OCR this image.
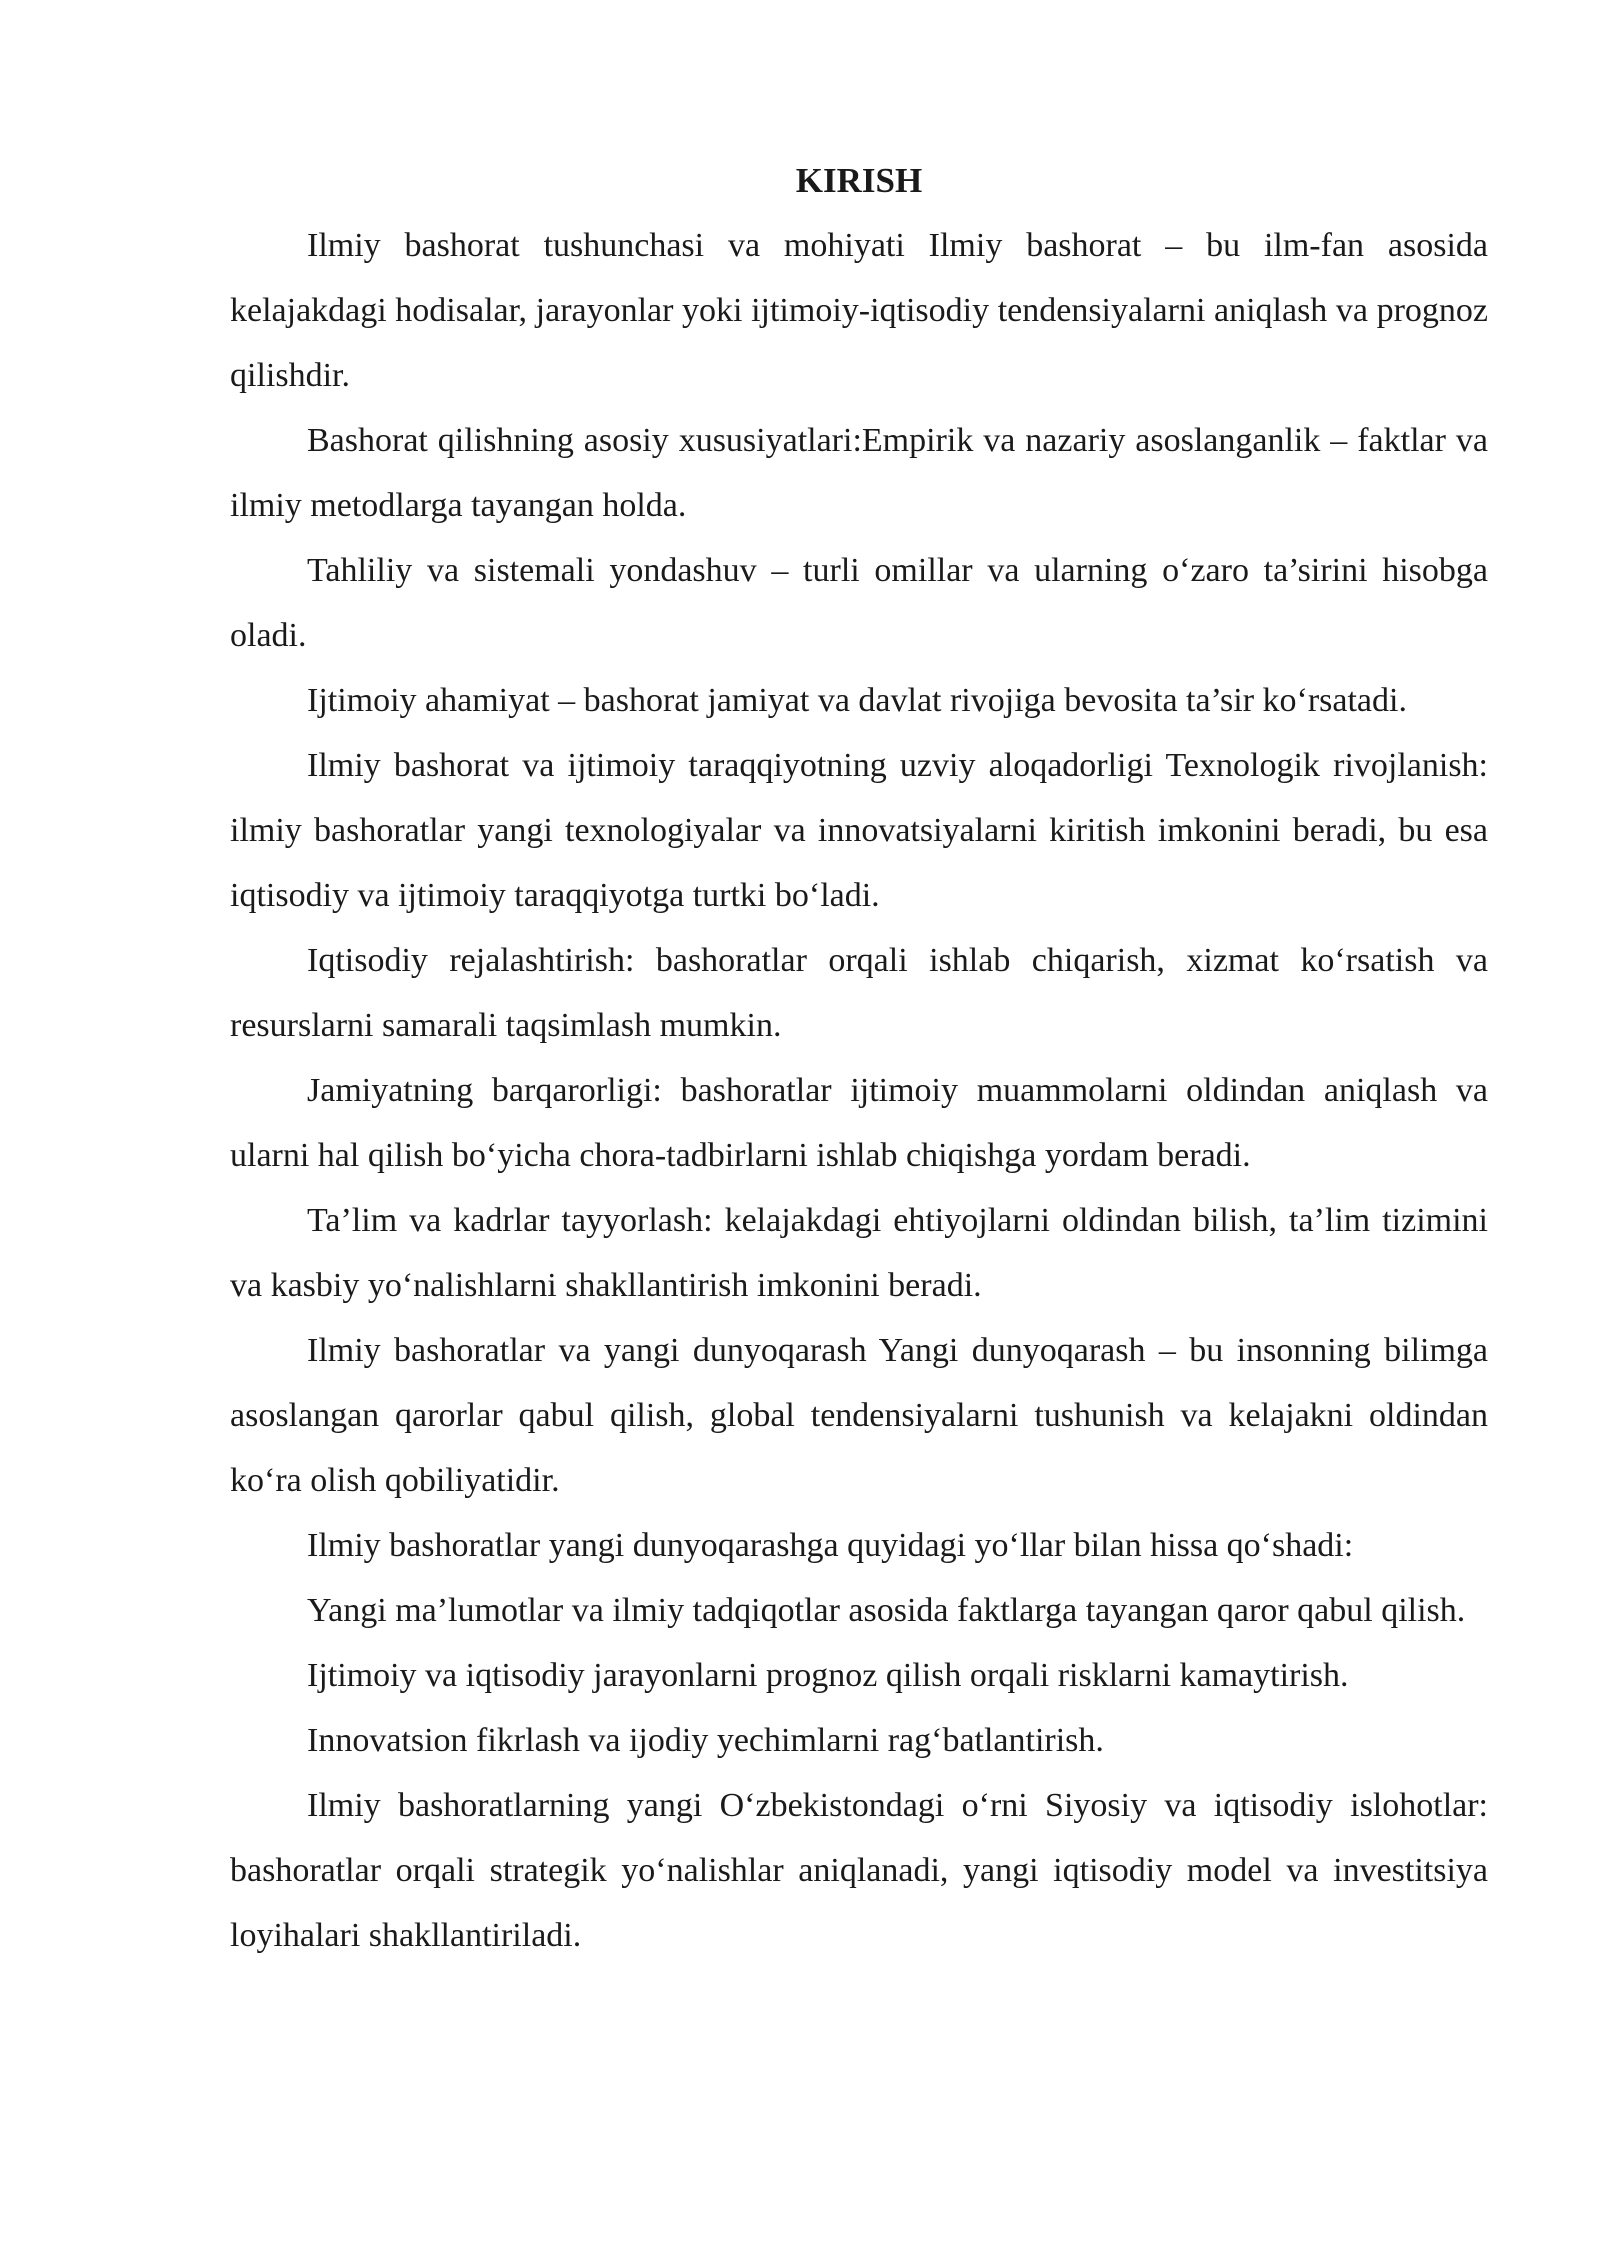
KIRISH

Ilmiy bashorat tushunchasi va mohiyati Ilmiy bashorat – bu ilm-fan asosida kelajakdagi hodisalar, jarayonlar yoki ijtimoiy-iqtisodiy tendensiyalarni aniqlash va prognoz qilishdir.

Bashorat qilishning asosiy xususiyatlari:Empirik va nazariy asoslanganlik – faktlar va ilmiy metodlarga tayangan holda.

Tahliliy va sistemali yondashuv – turli omillar va ularning o‘zaro ta’sirini hisobga oladi.

Ijtimoiy ahamiyat – bashorat jamiyat va davlat rivojiga bevosita ta’sir ko‘rsatadi.

Ilmiy bashorat va ijtimoiy taraqqiyotning uzviy aloqadorligi Texnologik rivojlanish: ilmiy bashoratlar yangi texnologiyalar va innovatsiyalarni kiritish imkonini beradi, bu esa iqtisodiy va ijtimoiy taraqqiyotga turtki bo‘ladi.

Iqtisodiy rejalashtirish: bashoratlar orqali ishlab chiqarish, xizmat ko‘rsatish va resurslarni samarali taqsimlash mumkin.

Jamiyatning barqarorligi: bashoratlar ijtimoiy muammolarni oldindan aniqlash va ularni hal qilish bo‘yicha chora-tadbirlarni ishlab chiqishga yordam beradi.

Ta’lim va kadrlar tayyorlash: kelajakdagi ehtiyojlarni oldindan bilish, ta’lim tizimini va kasbiy yo‘nalishlarni shakllantirish imkonini beradi.

Ilmiy bashoratlar va yangi dunyoqarash Yangi dunyoqarash – bu insonning bilimga asoslangan qarorlar qabul qilish, global tendensiyalarni tushunish va kelajakni oldindan ko‘ra olish qobiliyatidir.

Ilmiy bashoratlar yangi dunyoqarashga quyidagi yo‘llar bilan hissa qo‘shadi:

Yangi ma’lumotlar va ilmiy tadqiqotlar asosida faktlarga tayangan qaror qabul qilish.

Ijtimoiy va iqtisodiy jarayonlarni prognoz qilish orqali risklarni kamaytirish.

Innovatsion fikrlash va ijodiy yechimlarni rag‘batlantirish.

Ilmiy bashoratlarning yangi O‘zbekistondagi o‘rni Siyosiy va iqtisodiy islohotlar: bashoratlar orqali strategik yo‘nalishlar aniqlanadi, yangi iqtisodiy model va investitsiya loyihalari shakllantiriladi.
